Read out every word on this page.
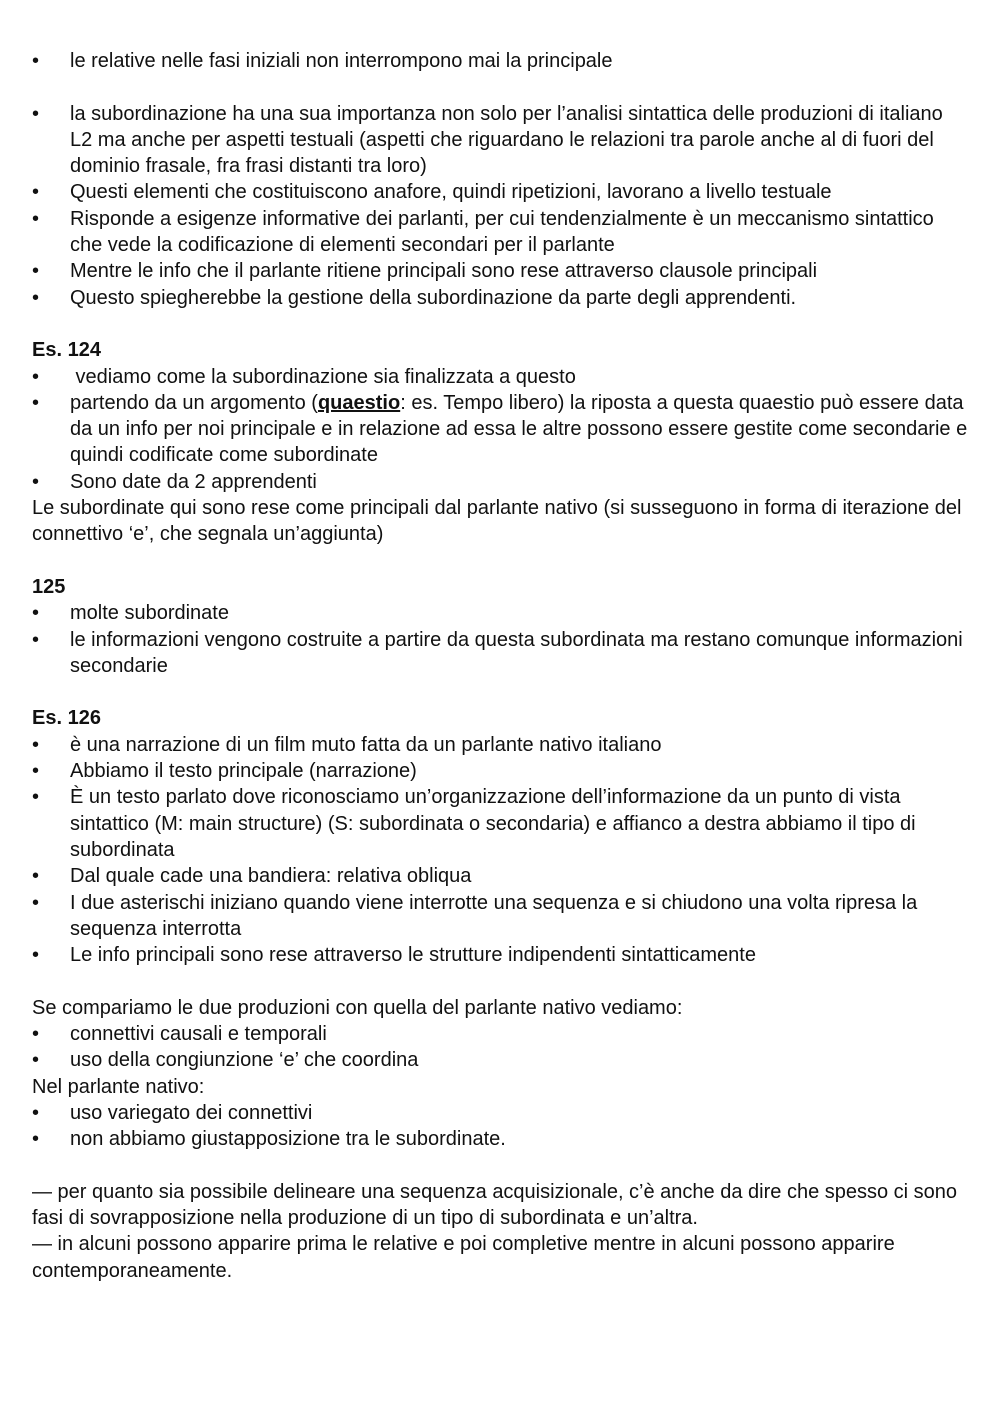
•	le relative nelle fasi iniziali non interrompono mai la principale
•	la subordinazione ha una sua importanza non solo per l’analisi sintattica delle produzioni di italiano L2 ma anche per aspetti testuali (aspetti che riguardano le relazioni tra parole anche al di fuori del dominio frasale, fra frasi distanti tra loro)
•	Questi elementi che costituiscono anafore, quindi ripetizioni, lavorano a livello testuale
•	Risponde a esigenze informative dei parlanti, per cui tendenzialmente è un meccanismo sintattico che vede la codificazione di elementi secondari per il parlante
•	Mentre le info che il parlante ritiene principali sono rese attraverso clausole principali
•	Questo spiegherebbe la gestione della subordinazione da parte degli apprendenti.
Es. 124
•	vediamo come la subordinazione sia finalizzata a questo
•	partendo da un argomento (quaestio: es. Tempo libero) la riposta a questa quaestio può essere data da un info per noi principale e in relazione ad essa le altre possono essere gestite come secondarie e quindi codificate come subordinate
•	Sono date da 2 apprendenti

Le subordinate qui sono rese come principali dal parlante nativo (si susseguono in forma di iterazione del connettivo ‘e’, che segnala un’aggiunta)

125
•	molte subordinate
•	le informazioni vengono costruite a partire da questa subordinata ma restano comunque informazioni secondarie
Es. 126
•	è una narrazione di un film muto fatta da un parlante nativo italiano
•	Abbiamo il testo principale (narrazione)
•	È un testo parlato dove riconosciamo un’organizzazione dell’informazione da un punto di vista sintattico (M: main structure) (S: subordinata o secondaria) e affianco a destra abbiamo il tipo di subordinata
•	Dal quale cade una bandiera: relativa obliqua
•	I due asterischi iniziano quando viene interrotte una sequenza e si chiudono una volta ripresa la sequenza interrotta
•	Le info principali sono rese attraverso le strutture indipendenti sintatticamente

Se compariamo le due produzioni con quella del parlante nativo vediamo:

•	connettivi causali e temporali
•	uso della congiunzione ‘e’ che coordina

Nel parlante nativo:

•	uso variegato dei connettivi
•	non abbiamo giustapposizione tra le subordinate.

— per quanto sia possibile delineare una sequenza acquisizionale, c’è anche da dire che spesso ci sono fasi di sovrapposizione nella produzione di un tipo di subordinata e un’altra.

— in alcuni possono apparire prima le relative e poi completive mentre in alcuni possono apparire contemporaneamente.
